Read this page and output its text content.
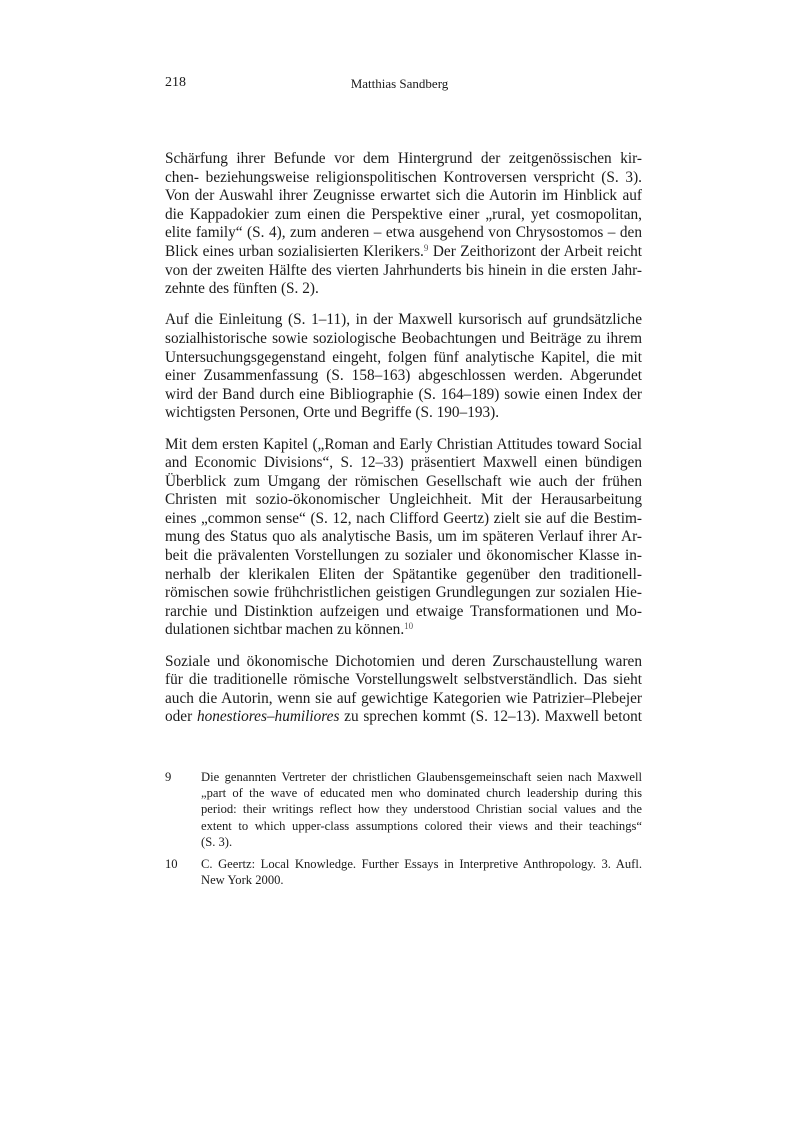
218	Matthias Sandberg
Schärfung ihrer Befunde vor dem Hintergrund der zeitgenössischen kir-
chen- beziehungsweise religionspolitischen Kontroversen verspricht (S. 3).
Von der Auswahl ihrer Zeugnisse erwartet sich die Autorin im Hinblick auf
die Kappadokier zum einen die Perspektive einer „rural, yet cosmopolitan,
elite family“ (S. 4), zum anderen – etwa ausgehend von Chrysostomos – den
Blick eines urban sozialisierten Klerikers.$^9$ Der Zeithorizont der Arbeit reicht
von der zweiten Hälfte des vierten Jahrhunderts bis hinein in die ersten Jahr-
zehnte des fünften (S. 2).
Auf die Einleitung (S. 1–11), in der Maxwell kursorisch auf grundsätzliche
sozialhistorische sowie soziologische Beobachtungen und Beiträge zu ihrem
Untersuchungsgegenstand eingeht, folgen fünf analytische Kapitel, die mit
einer Zusammenfassung (S. 158–163) abgeschlossen werden. Abgerundet
wird der Band durch eine Bibliographie (S. 164–189) sowie einen Index der
wichtigsten Personen, Orte und Begriffe (S. 190–193).
Mit dem ersten Kapitel („Roman and Early Christian Attitudes toward Social
and Economic Divisions“, S. 12–33) präsentiert Maxwell einen bündigen
Überblick zum Umgang der römischen Gesellschaft wie auch der frühen
Christen mit sozio-ökonomischer Ungleichheit. Mit der Herausarbeitung
eines „common sense“ (S. 12, nach Clifford Geertz) zielt sie auf die Bestim-
mung des Status quo als analytische Basis, um im späteren Verlauf ihrer Ar-
beit die prävalenten Vorstellungen zu sozialer und ökonomischer Klasse in-
nerhalb der klerikalen Eliten der Spätantike gegenüber den traditionell-
römischen sowie frühchristlichen geistigen Grundlegungen zur sozialen Hie-
rarchie und Distinktion aufzeigen und etwaige Transformationen und Mo-
dulationen sichtbar machen zu können.$^{10}$
Soziale und ökonomische Dichotomien und deren Zurschaustellung waren
für die traditionelle römische Vorstellungswelt selbstverständlich. Das sieht
auch die Autorin, wenn sie auf gewichtige Kategorien wie Patrizier–Plebejer
oder honestiores–humiliores zu sprechen kommt (S. 12–13). Maxwell betont
9	Die genannten Vertreter der christlichen Glaubensgemeinschaft seien nach Maxwell
„part of the wave of educated men who dominated church leadership during this
period: their writings reflect how they understood Christian social values and the
extent to which upper-class assumptions colored their views and their teachings“
(S. 3).
10	C. Geertz: Local Knowledge. Further Essays in Interpretive Anthropology. 3. Aufl.
New York 2000.
